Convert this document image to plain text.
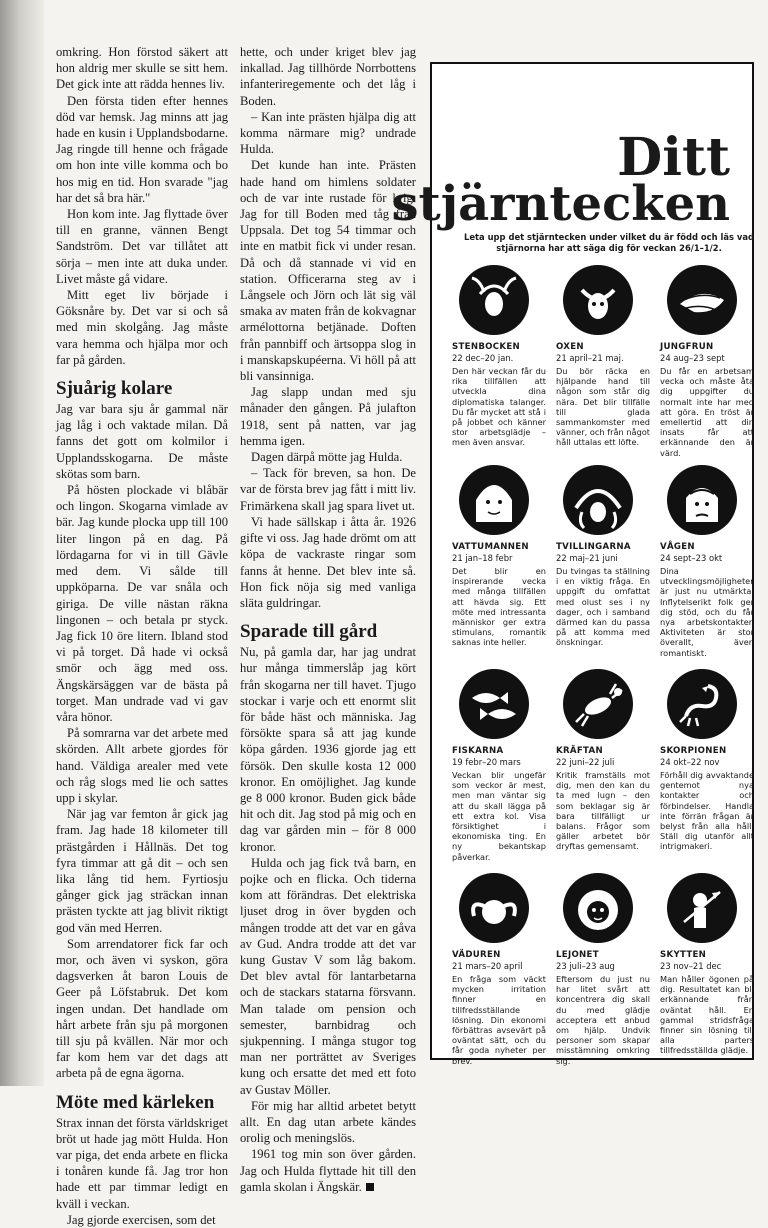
omkring. Hon förstod säkert att hon aldrig mer skulle se sitt hem. Det gick inte att rädda hennes liv.

Den första tiden efter hennes död var hemsk. Jag minns att jag hade en kusin i Upplandsbodarne. Jag ringde till henne och frågade om hon inte ville komma och bo hos mig en tid. Hon svarade "jag har det så bra här."

Hon kom inte. Jag flyttade över till en granne, vännen Bengt Sandström. Det var tillåtet att sörja – men inte att duka under. Livet måste gå vidare.

Mitt eget liv började i Göksnåre by. Det var si och så med min skolgång. Jag måste vara hemma och hjälpa mor och far på gården.

Sjuårig kolare

Jag var bara sju år gammal när jag låg i och vaktade milan. Då fanns det gott om kolmilor i Upplandsskogarna. De måste skötas som barn.

På hösten plockade vi blåbär och lingon. Skogarna vimlade av bär. Jag kunde plocka upp till 100 liter lingon på en dag. På lördagarna for vi in till Gävle med dem. Vi sålde till uppköparna. De var snåla och giriga. De ville nästan räkna lingonen – och betala pr styck. Jag fick 10 öre litern. Ibland stod vi på torget. Då hade vi också smör och ägg med oss. Ängskärsäggen var de bästa på torget. Man undrade vad vi gav våra hönor.

På somrarna var det arbete med skörden. Allt arbete gjordes för hand. Väldiga arealer med vete och råg slogs med lie och sattes upp i skylar.

När jag var femton år gick jag fram. Jag hade 18 kilometer till prästgården i Hållnäs. Det tog fyra timmar att gå dit – och sen lika lång tid hem. Fyrtiosju gånger gick jag sträckan innan prästen tyckte att jag blivit riktigt god vän med Herren.

Som arrendatorer fick far och mor, och även vi syskon, göra dagsverken åt baron Louis de Geer på Löfstabruk. Det kom ingen undan. Det handlade om hårt arbete från sju på morgonen till sju på kvällen. När mor och far kom hem var det dags att arbeta på de egna ägorna.

Möte med kärleken

Strax innan det första världskriget bröt ut hade jag mött Hulda. Hon var piga, det enda arbete en flicka i tonåren kunde få. Jag tror hon hade ett par timmar ledigt en kväll i veckan.

Jag gjorde exercisen, som det

hette, och under kriget blev jag inkallad. Jag tillhörde Norrbottens infanteriregemente och det låg i Boden.

– Kan inte prästen hjälpa dig att komma närmare mig? undrade Hulda.

Det kunde han inte. Prästen hade hand om himlens soldater och de var inte rustade för krig. Jag for till Boden med tåg från Uppsala. Det tog 54 timmar och inte en matbit fick vi under resan. Då och då stannade vi vid en station. Officerarna steg av i Långsele och Jörn och lät sig väl smaka av maten från de kokvagnar armélottorna betjänade. Doften från pannbiff och ärtsoppa slog in i manskapskupéerna. Vi höll på att bli vansinniga.

Jag slapp undan med sju månader den gången. På julafton 1918, sent på natten, var jag hemma igen.

Dagen därpå mötte jag Hulda.

– Tack för breven, sa hon. De var de första brev jag fått i mitt liv. Frimärkena skall jag spara livet ut.

Vi hade sällskap i åtta år. 1926 gifte vi oss. Jag hade drömt om att köpa de vackraste ringar som fanns åt henne. Det blev inte så. Hon fick nöja sig med vanliga släta guldringar.

Sparade till gård

Nu, på gamla dar, har jag undrat hur många timmerslåp jag kört från skogarna ner till havet. Tjugo stockar i varje och ett enormt slit för både häst och människa. Jag försökte spara så att jag kunde köpa gården. 1936 gjorde jag ett försök. Den skulle kosta 12 000 kronor. En omöjlighet. Jag kunde ge 8 000 kronor. Buden gick både hit och dit. Jag stod på mig och en dag var gården min – för 8 000 kronor.

Hulda och jag fick två barn, en pojke och en flicka. Och tiderna kom att förändras. Det elektriska ljuset drog in över bygden och mången trodde att det var en gåva av Gud. Andra trodde att det var kung Gustav V som låg bakom. Det blev avtal för lantarbetarna och de stackars statarna försvann. Man talade om pension och semester, barnbidrag och sjukpenning. I många stugor tog man ner porträttet av Sveriges kung och ersatte det med ett foto av Gustav Möller.

För mig har alltid arbetet betytt allt. En dag utan arbete kändes orolig och meningslös.

1961 tog min son över gården. Jag och Hulda flyttade hit till den gamla skolan i Ängskär.

Ditt
stjärntecken
Leta upp det stjärntecken under vilket du är född och läs vad stjärnorna har att säga dig för veckan 26/1–1/2.
STENBOCKEN
22 dec–20 jan.
Den här veckan får du rika tillfällen att utveckla dina diplomatiska talanger. Du får mycket att stå i på jobbet och känner stor arbetsglädje – men även ansvar.
OXEN
21 april–21 maj.
Du bör räcka en hjälpande hand till någon som står dig nära. Det blir tillfälle till glada sammankomster med vänner, och från något håll uttalas ett löfte.
JUNGFRUN
24 aug–23 sept
Du får en arbetsam vecka och måste åta dig uppgifter du normalt inte har med att göra. En tröst är emellertid att din insats får att erkännande den är värd.
VATTUMANNEN
21 jan–18 febr
Det blir en inspirerande vecka med många tillfällen att hävda sig. Ett möte med intressanta människor ger extra stimulans, romantik saknas inte heller.
TVILLINGARNA
22 maj–21 juni
Du tvingas ta ställning i en viktig fråga. En uppgift du omfattat med olust ses i ny dager, och i samband därmed kan du passa på att komma med önskningar.
VÅGEN
24 sept–23 okt
Dina utvecklingsmöjligheter är just nu utmärkta. Inflytelserikt folk ger dig stöd, och du får nya arbetskontakter. Aktiviteten är stor överallt, även romantiskt.
FISKARNA
19 febr–20 mars
Veckan blir ungefär som veckor är mest, men man väntar sig att du skall lägga på ett extra kol. Visa försiktighet i ekonomiska ting. En ny bekantskap påverkar.
KRÄFTAN
22 juni–22 juli
Kritik framställs mot dig, men den kan du ta med lugn – den som beklagar sig är bara tillfälligt ur balans. Frågor som gäller arbetet bör dryftas gemensamt.
SKORPIONEN
24 okt–22 nov
Förhåll dig avvaktande gentemot nya kontakter och förbindelser. Handla inte förrän frågan är belyst från alla håll. Ställ dig utanför allt intrigmakeri.
VÄDUREN
21 mars–20 april
En fråga som väckt mycken irritation finner en tillfredsställande lösning. Din ekonomi förbättras avsevärt på oväntat sätt, och du får goda nyheter per brev.
LEJONET
23 juli–23 aug
Eftersom du just nu har litet svårt att koncentrera dig skall du med glädje acceptera ett anbud om hjälp. Undvik personer som skapar misstämning omkring sig.
SKYTTEN
23 nov–21 dec
Man håller ögonen på dig. Resultatet kan bli erkännande från oväntat håll. En gammal stridsfråga finner sin lösning till alla parters tillfredsställda glädje.
